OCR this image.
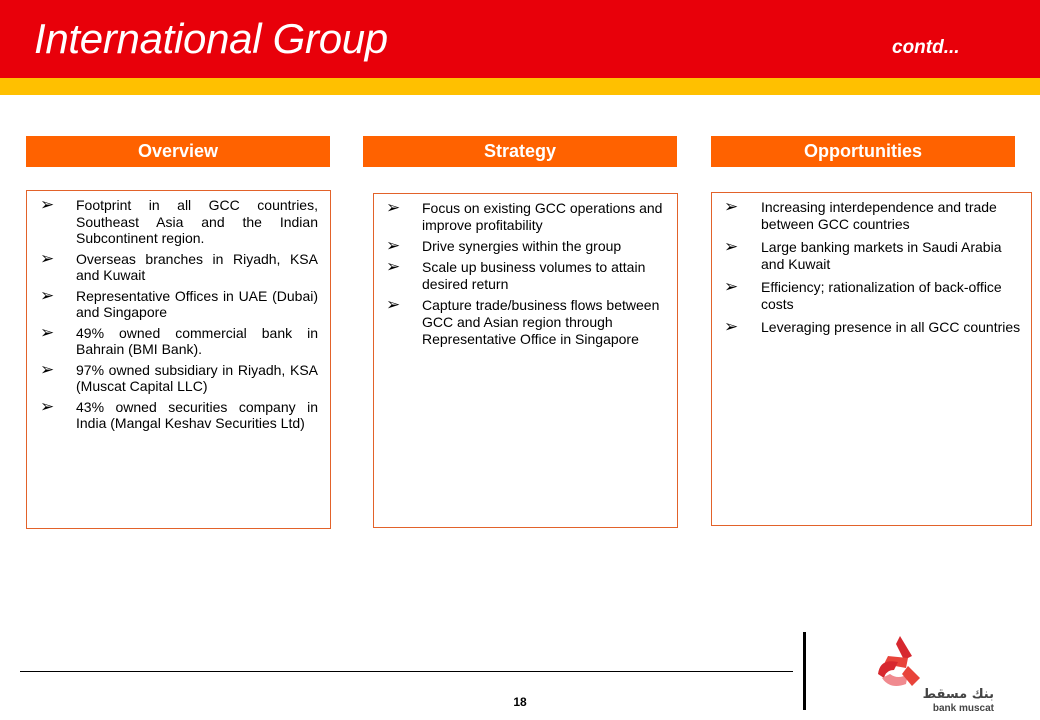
International Group	contd...
Overview	Strategy	Opportunities
➢ Footprint in all GCC countries, Southeast Asia and the Indian Subcontinent region.
➢ Overseas branches in Riyadh, KSA and Kuwait
➢ Representative Offices in UAE (Dubai) and Singapore
➢ 49% owned commercial bank in Bahrain (BMI Bank).
➢ 97% owned subsidiary in Riyadh, KSA (Muscat Capital LLC)
➢ 43% owned securities company in India (Mangal Keshav Securities Ltd)
➢ Focus on existing GCC operations and improve profitability
➢ Drive synergies within the group
➢ Scale up business volumes to attain desired return
➢ Capture trade/business flows between GCC and Asian region through Representative Office in Singapore
➢ Increasing interdependence and trade between GCC countries
➢ Large banking markets in Saudi Arabia and Kuwait
➢ Efficiency; rationalization of back-office costs
➢ Leveraging presence in all GCC countries
18	بنك مسقط
bank muscat
